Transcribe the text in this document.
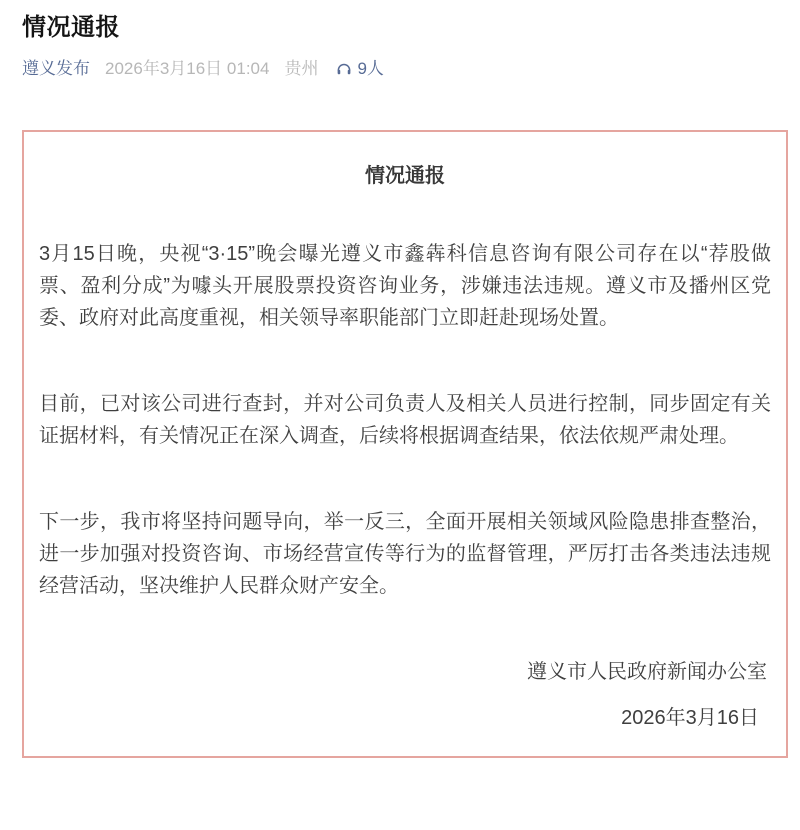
情况通报
遵义发布 2026年3月16日 01:04 贵州 9人
情况通报

3月15日晚，央视“3·15”晚会曝光遵义市鑫犇科信息咨询有限公司存在以“荐股做票、盈利分成”为噱头开展股票投资咨询业务，涉嫌违法违规。遵义市及播州区党委、政府对此高度重视，相关领导率职能部门立即赶赴现场处置。

目前，已对该公司进行查封，并对公司负责人及相关人员进行控制，同步固定有关证据材料，有关情况正在深入调查，后续将根据调查结果，依法依规严肃处理。

下一步，我市将坚持问题导向，举一反三，全面开展相关领域风险隐患排查整治，进一步加强对投资咨询、市场经营宣传等行为的监督管理，严厉打击各类违法违规经营活动，坚决维护人民群众财产安全。

遵义市人民政府新闻办公室
2026年3月16日
